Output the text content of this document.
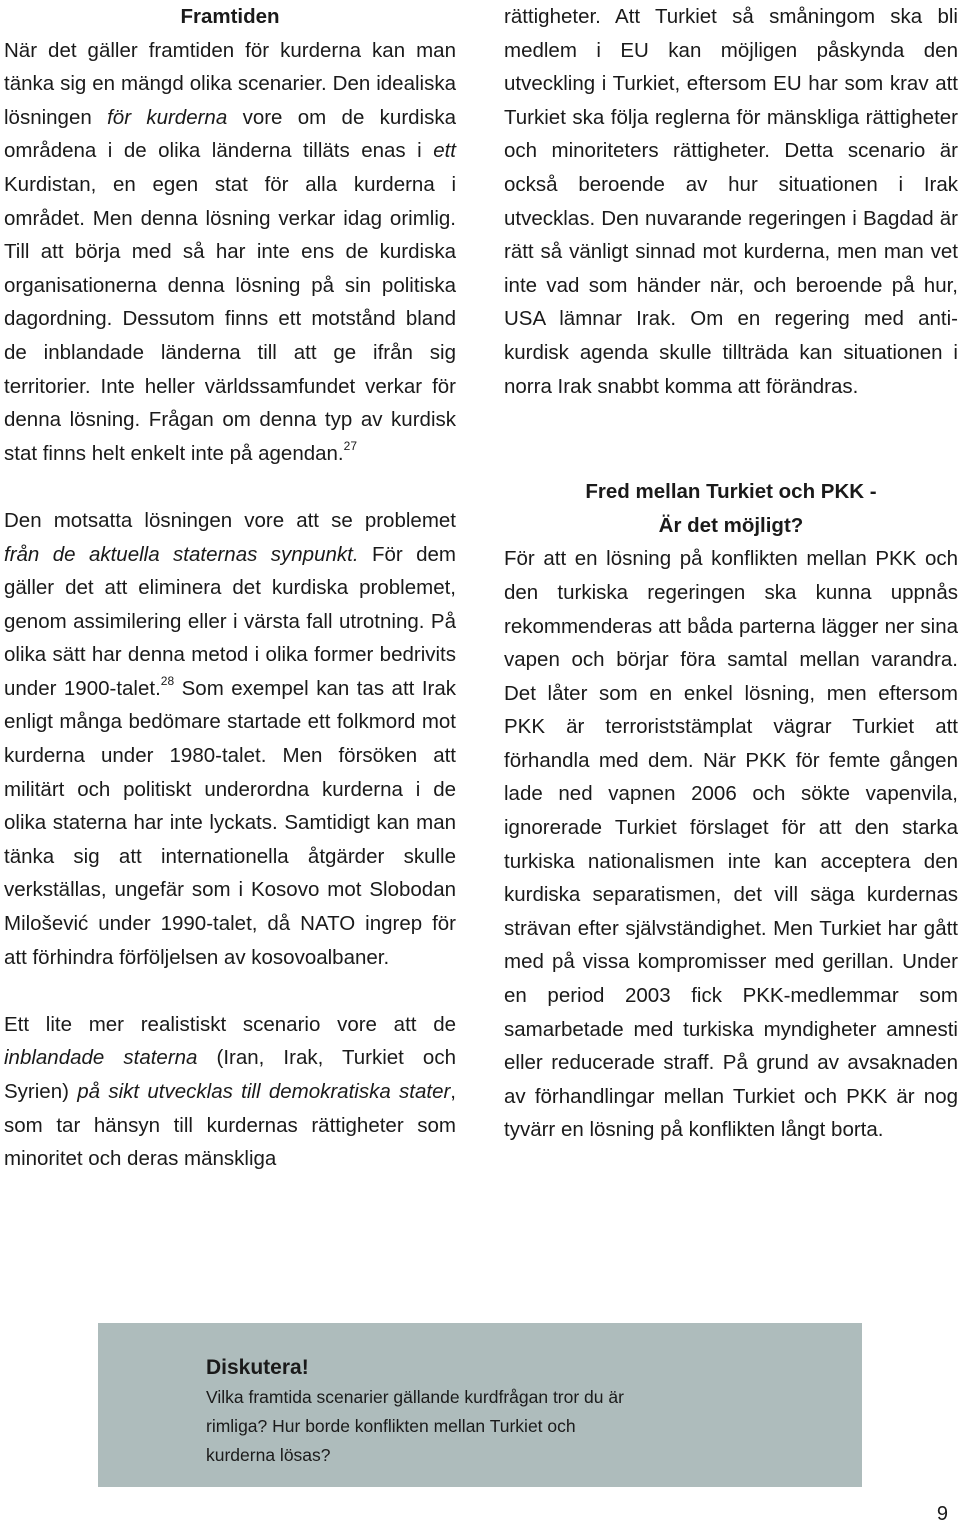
Framtiden

När det gäller framtiden för kurderna kan man tänka sig en mängd olika scenarier. Den idealiska lösningen för kurderna vore om de kurdiska områdena i de olika länderna tilläts enas i ett Kurdistan, en egen stat för alla kurderna i området. Men denna lösning verkar idag orimlig. Till att börja med så har inte ens de kurdiska organisationerna denna lösning på sin politiska dagordning. Dessutom finns ett motstånd bland de inblandade länderna till att ge ifrån sig territorier. Inte heller världssamfundet verkar för denna lösning. Frågan om denna typ av kurdisk stat finns helt enkelt inte på agendan.$^{27}$

Den motsatta lösningen vore att se problemet från de aktuella staternas synpunkt. För dem gäller det att eliminera det kurdiska problemet, genom assimilering eller i värsta fall utrotning. På olika sätt har denna metod i olika former bedrivits under 1900-talet.$^{28}$ Som exempel kan tas att Irak enligt många bedömare startade ett folkmord mot kurderna under 1980-talet. Men försöken att militärt och politiskt underordna kurderna i de olika staterna har inte lyckats. Samtidigt kan man tänka sig att internationella åtgärder skulle verkställas, ungefär som i Kosovo mot Slobodan Milošević under 1990-talet, då NATO ingrep för att förhindra förföljelsen av kosovoalbaner.

Ett lite mer realistiskt scenario vore att de inblandade staterna (Iran, Irak, Turkiet och Syrien) på sikt utvecklas till demokratiska stater, som tar hänsyn till kurdernas rättigheter som minoritet och deras mänskliga

rättigheter. Att Turkiet så småningom ska bli medlem i EU kan möjligen påskynda den utveckling i Turkiet, eftersom EU har som krav att Turkiet ska följa reglerna för mänskliga rättigheter och minoriteters rättigheter. Detta scenario är också beroende av hur situationen i Irak utvecklas. Den nuvarande regeringen i Bagdad är rätt så vänligt sinnad mot kurderna, men man vet inte vad som händer när, och beroende på hur, USA lämnar Irak. Om en regering med anti-kurdisk agenda skulle tillträda kan situationen i norra Irak snabbt komma att förändras.

Fred mellan Turkiet och PKK -
Är det möjligt?

För att en lösning på konflikten mellan PKK och den turkiska regeringen ska kunna uppnås rekommenderas att båda parterna lägger ner sina vapen och börjar föra samtal mellan varandra. Det låter som en enkel lösning, men eftersom PKK är terroriststämplat vägrar Turkiet att förhandla med dem. När PKK för femte gången lade ned vapnen 2006 och sökte vapenvila, ignorerade Turkiet förslaget för att den starka turkiska nationalismen inte kan acceptera den kurdiska separatismen, det vill säga kurdernas strävan efter självständighet. Men Turkiet har gått med på vissa kompromisser med gerillan. Under en period 2003 fick PKK-medlemmar som samarbetade med turkiska myndigheter amnesti eller reducerade straff. På grund av avsaknaden av förhandlingar mellan Turkiet och PKK är nog tyvärr en lösning på konflikten långt borta.

Diskutera!

Vilka framtida scenarier gällande kurdfrågan tror du är
rimliga? Hur borde konflikten mellan Turkiet och
kurderna lösas?

9
